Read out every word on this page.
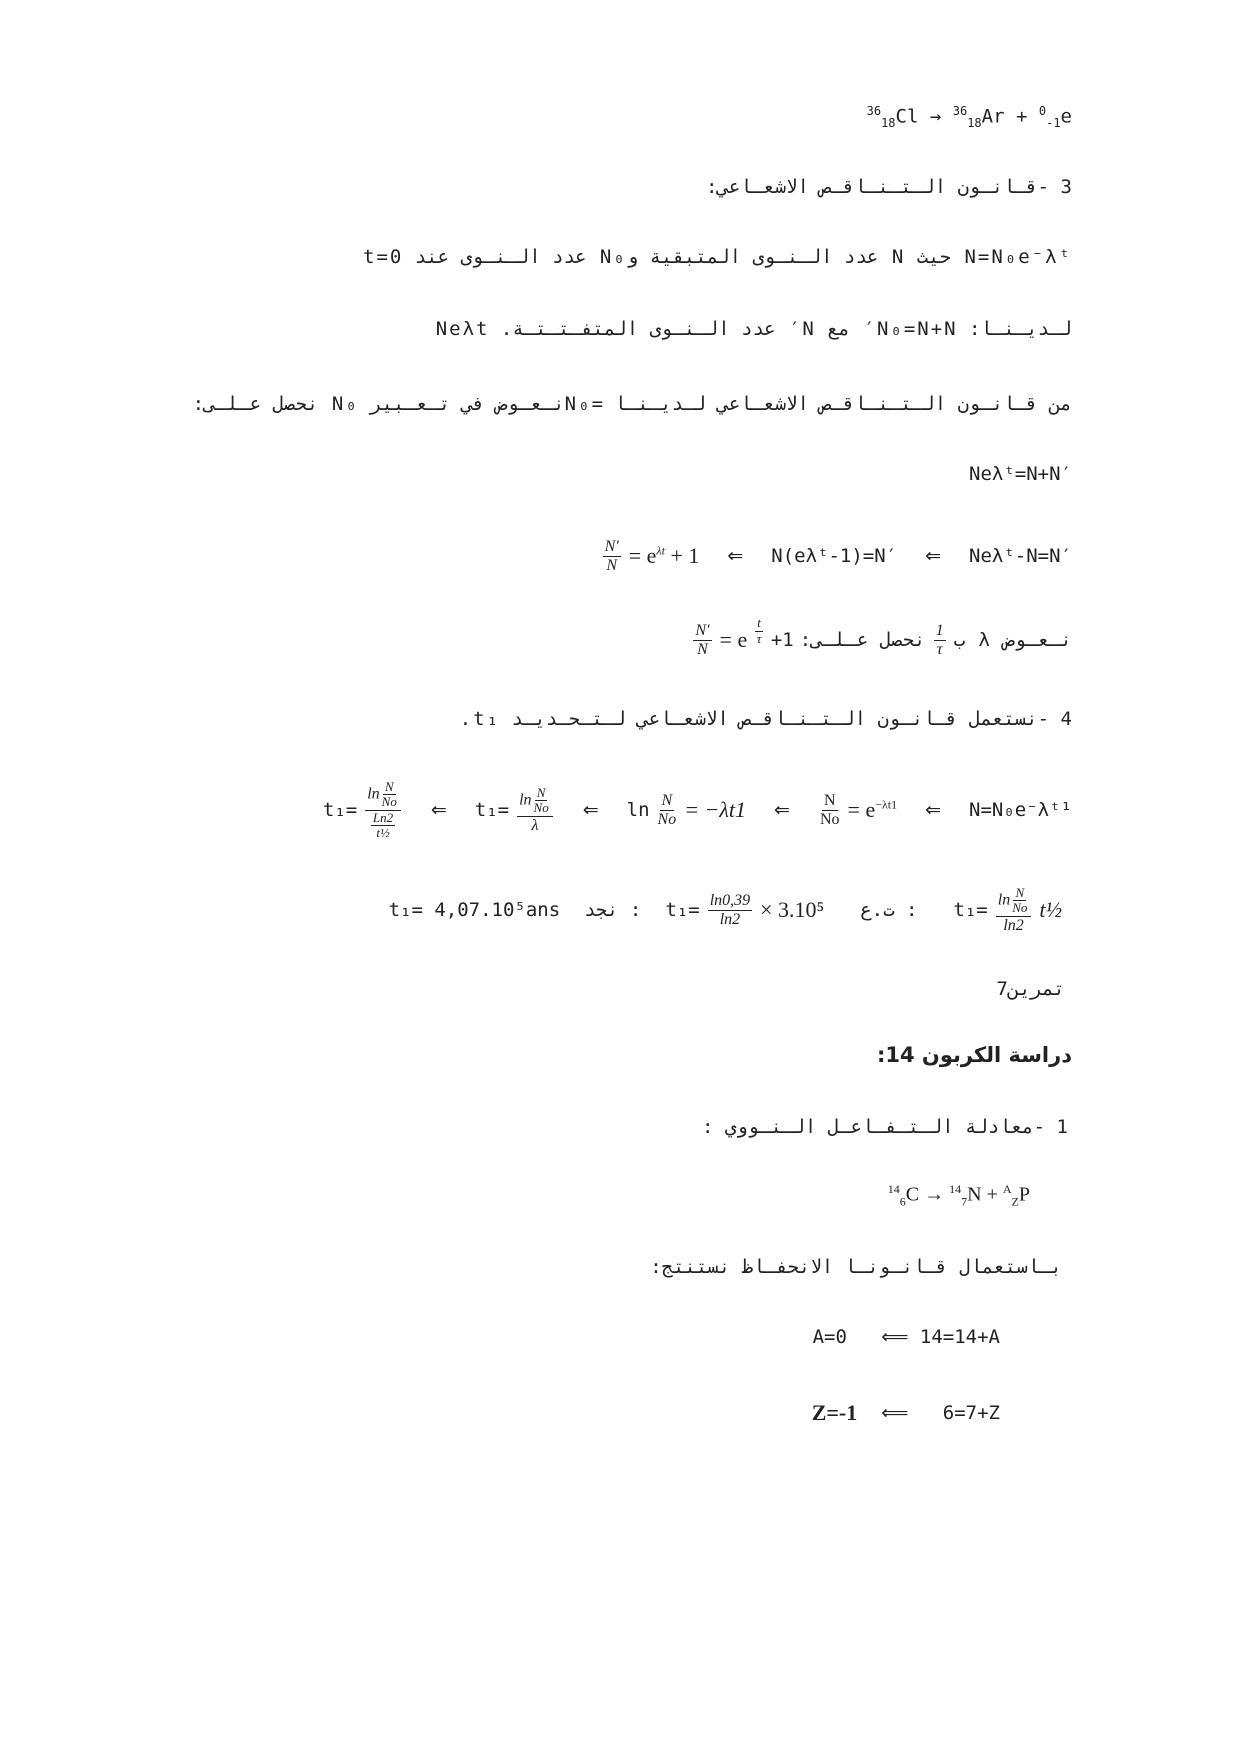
$^{36}_{18}$Cl → $^{36}_{18}$Ar + $^0_{-1}$e
3 -قـانـون الـتـنـاقـص الاشعـاعي:
N=N₀e⁻λᵗ حيث N عدد الـنـوى المتبقية وN₀ عدد الـنـوى عند t=0
لـديـنـا: N₀=N+N′ مع N′ عدد الـنـوى المتفـتـتـة. Neλt
من قـانـون الـتـنـاقـص الاشعـاعي لـديـنـا =N₀نـعـوض في تـعـبير N₀ نحصل عـلـى:
Neλᵗ=N+N′
$\frac{N'}{N} = e^{\lambda t} + 1$ ⇐ N(eλᵗ-1)=N′ ⇐ Neλᵗ-N=N′
$\frac{N'}{N} = e \frac{t}{\tau} +1$ نحصل عـلـى: $\frac{1}{\tau}$ نـعـوض λ ب
4 -نستعمل قـانـون الـتـنـاقـص الاشعـاعي لـتـحـديـد t₁.
t₁=
$\ln \frac{N}{No}$
$\frac{Ln2}{\text{t½}}$
⇐ $t_1= \ln \frac{N}{No}$
λ
⇐ $\ln \frac{N}{No} = -\lambda t1$ ⇐ $\frac{N}{No} = e^{-\lambda t1}$ ⇐ N=N₀e⁻λᵗ¹
t₁= 4,07.10⁵ans : نجد $t_1= \frac{\ln 0,39}{\ln 2} \times 3.10^5$ : ت.ع $t_1= \ln \frac{N}{No}$
ln2
t½
تمرين7
دراسة الكربون 14:
1 -معادلة الـتـفـاعـل الـنـووي :
$^{14}_6$C → $^{14}_7$N + $^A_Z$P
بـاستعمال قـانـونـا الانحفـاظ نستنتج:
A=0   ⟸ 14=14+A
Z=-1 ⟸   6=7+Z
